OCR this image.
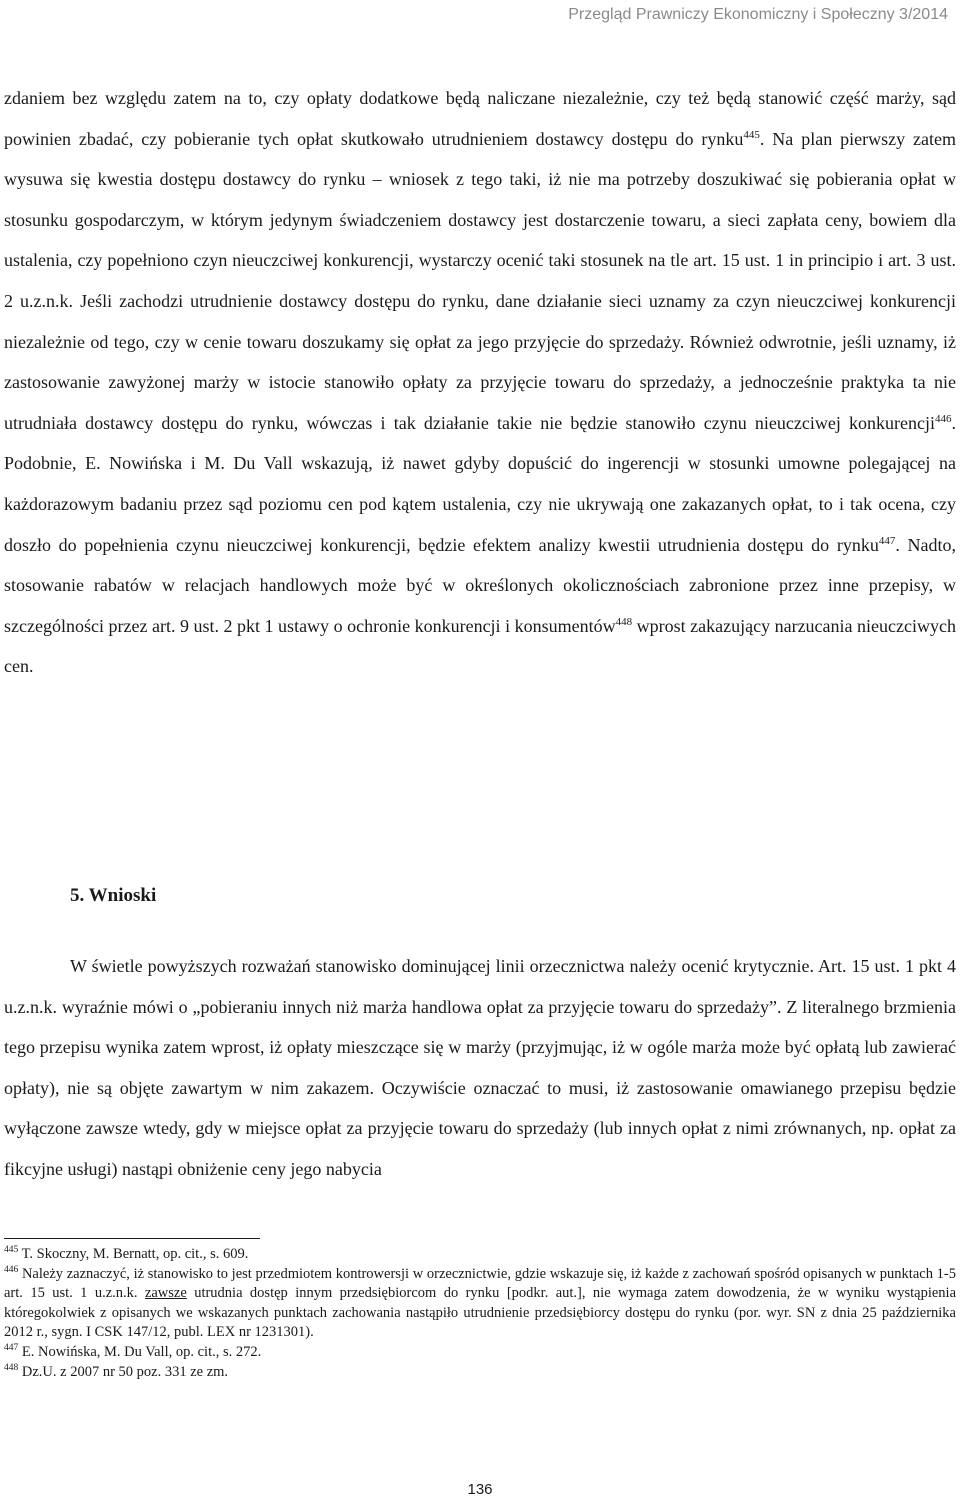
Przegląd Prawniczy Ekonomiczny i Społeczny 3/2014

zdaniem bez względu zatem na to, czy opłaty dodatkowe będą naliczane niezależnie, czy też będą stanowić część marży, sąd powinien zbadać, czy pobieranie tych opłat skutkowało utrudnieniem dostawcy dostępu do rynku$^{445}$. Na plan pierwszy zatem wysuwa się kwestia dostępu dostawcy do rynku – wniosek z tego taki, iż nie ma potrzeby doszukiwać się pobierania opłat w stosunku gospodarczym, w którym jedynym świadczeniem dostawcy jest dostarczenie towaru, a sieci zapłata ceny, bowiem dla ustalenia, czy popełniono czyn nieuczciwej konkurencji, wystarczy ocenić taki stosunek na tle art. 15 ust. 1 in principio i art. 3 ust. 2 u.z.n.k. Jeśli zachodzi utrudnienie dostawcy dostępu do rynku, dane działanie sieci uznamy za czyn nieuczciwej konkurencji niezależnie od tego, czy w cenie towaru doszukamy się opłat za jego przyjęcie do sprzedaży. Również odwrotnie, jeśli uznamy, iż zastosowanie zawyżonej marży w istocie stanowiło opłaty za przyjęcie towaru do sprzedaży, a jednocześnie praktyka ta nie utrudniała dostawcy dostępu do rynku, wówczas i tak działanie takie nie będzie stanowiło czynu nieuczciwej konkurencji$^{446}$. Podobnie, E. Nowińska i M. Du Vall wskazują, iż nawet gdyby dopuścić do ingerencji w stosunki umowne polegającej na każdorazowym badaniu przez sąd poziomu cen pod kątem ustalenia, czy nie ukrywają one zakazanych opłat, to i tak ocena, czy doszło do popełnienia czynu nieuczciwej konkurencji, będzie efektem analizy kwestii utrudnienia dostępu do rynku$^{447}$. Nadto, stosowanie rabatów w relacjach handlowych może być w określonych okolicznościach zabronione przez inne przepisy, w szczególności przez art. 9 ust. 2 pkt 1 ustawy o ochronie konkurencji i konsumentów$^{448}$ wprost zakazujący narzucania nieuczciwych cen.

5. Wnioski

W świetle powyższych rozważań stanowisko dominującej linii orzecznictwa należy ocenić krytycznie. Art. 15 ust. 1 pkt 4 u.z.n.k. wyraźnie mówi o „pobieraniu innych niż marża handlowa opłat za przyjęcie towaru do sprzedaży”. Z literalnego brzmienia tego przepisu wynika zatem wprost, iż opłaty mieszczące się w marży (przyjmując, iż w ogóle marża może być opłatą lub zawierać opłaty), nie są objęte zawartym w nim zakazem. Oczywiście oznaczać to musi, iż zastosowanie omawianego przepisu będzie wyłączone zawsze wtedy, gdy w miejsce opłat za przyjęcie towaru do sprzedaży (lub innych opłat z nimi zrównanych, np. opłat za fikcyjne usługi) nastąpi obniżenie ceny jego nabycia

$^{445}$ T. Skoczny, M. Bernatt, op. cit., s. 609.

$^{446}$ Należy zaznaczyć, iż stanowisko to jest przedmiotem kontrowersji w orzecznictwie, gdzie wskazuje się, iż każde z zachowań spośród opisanych w punktach 1-5 art. 15 ust. 1 u.z.n.k. zawsze utrudnia dostęp innym przedsiębiorcom do rynku [podkr. aut.], nie wymaga zatem dowodzenia, że w wyniku wystąpienia któregokolwiek z opisanych we wskazanych punktach zachowania nastąpiło utrudnienie przedsiębiorcy dostępu do rynku (por. wyr. SN z dnia 25 października 2012 r., sygn. I CSK 147/12, publ. LEX nr 1231301).

$^{447}$ E. Nowińska, M. Du Vall, op. cit., s. 272.

$^{448}$ Dz.U. z 2007 nr 50 poz. 331 ze zm.

136
